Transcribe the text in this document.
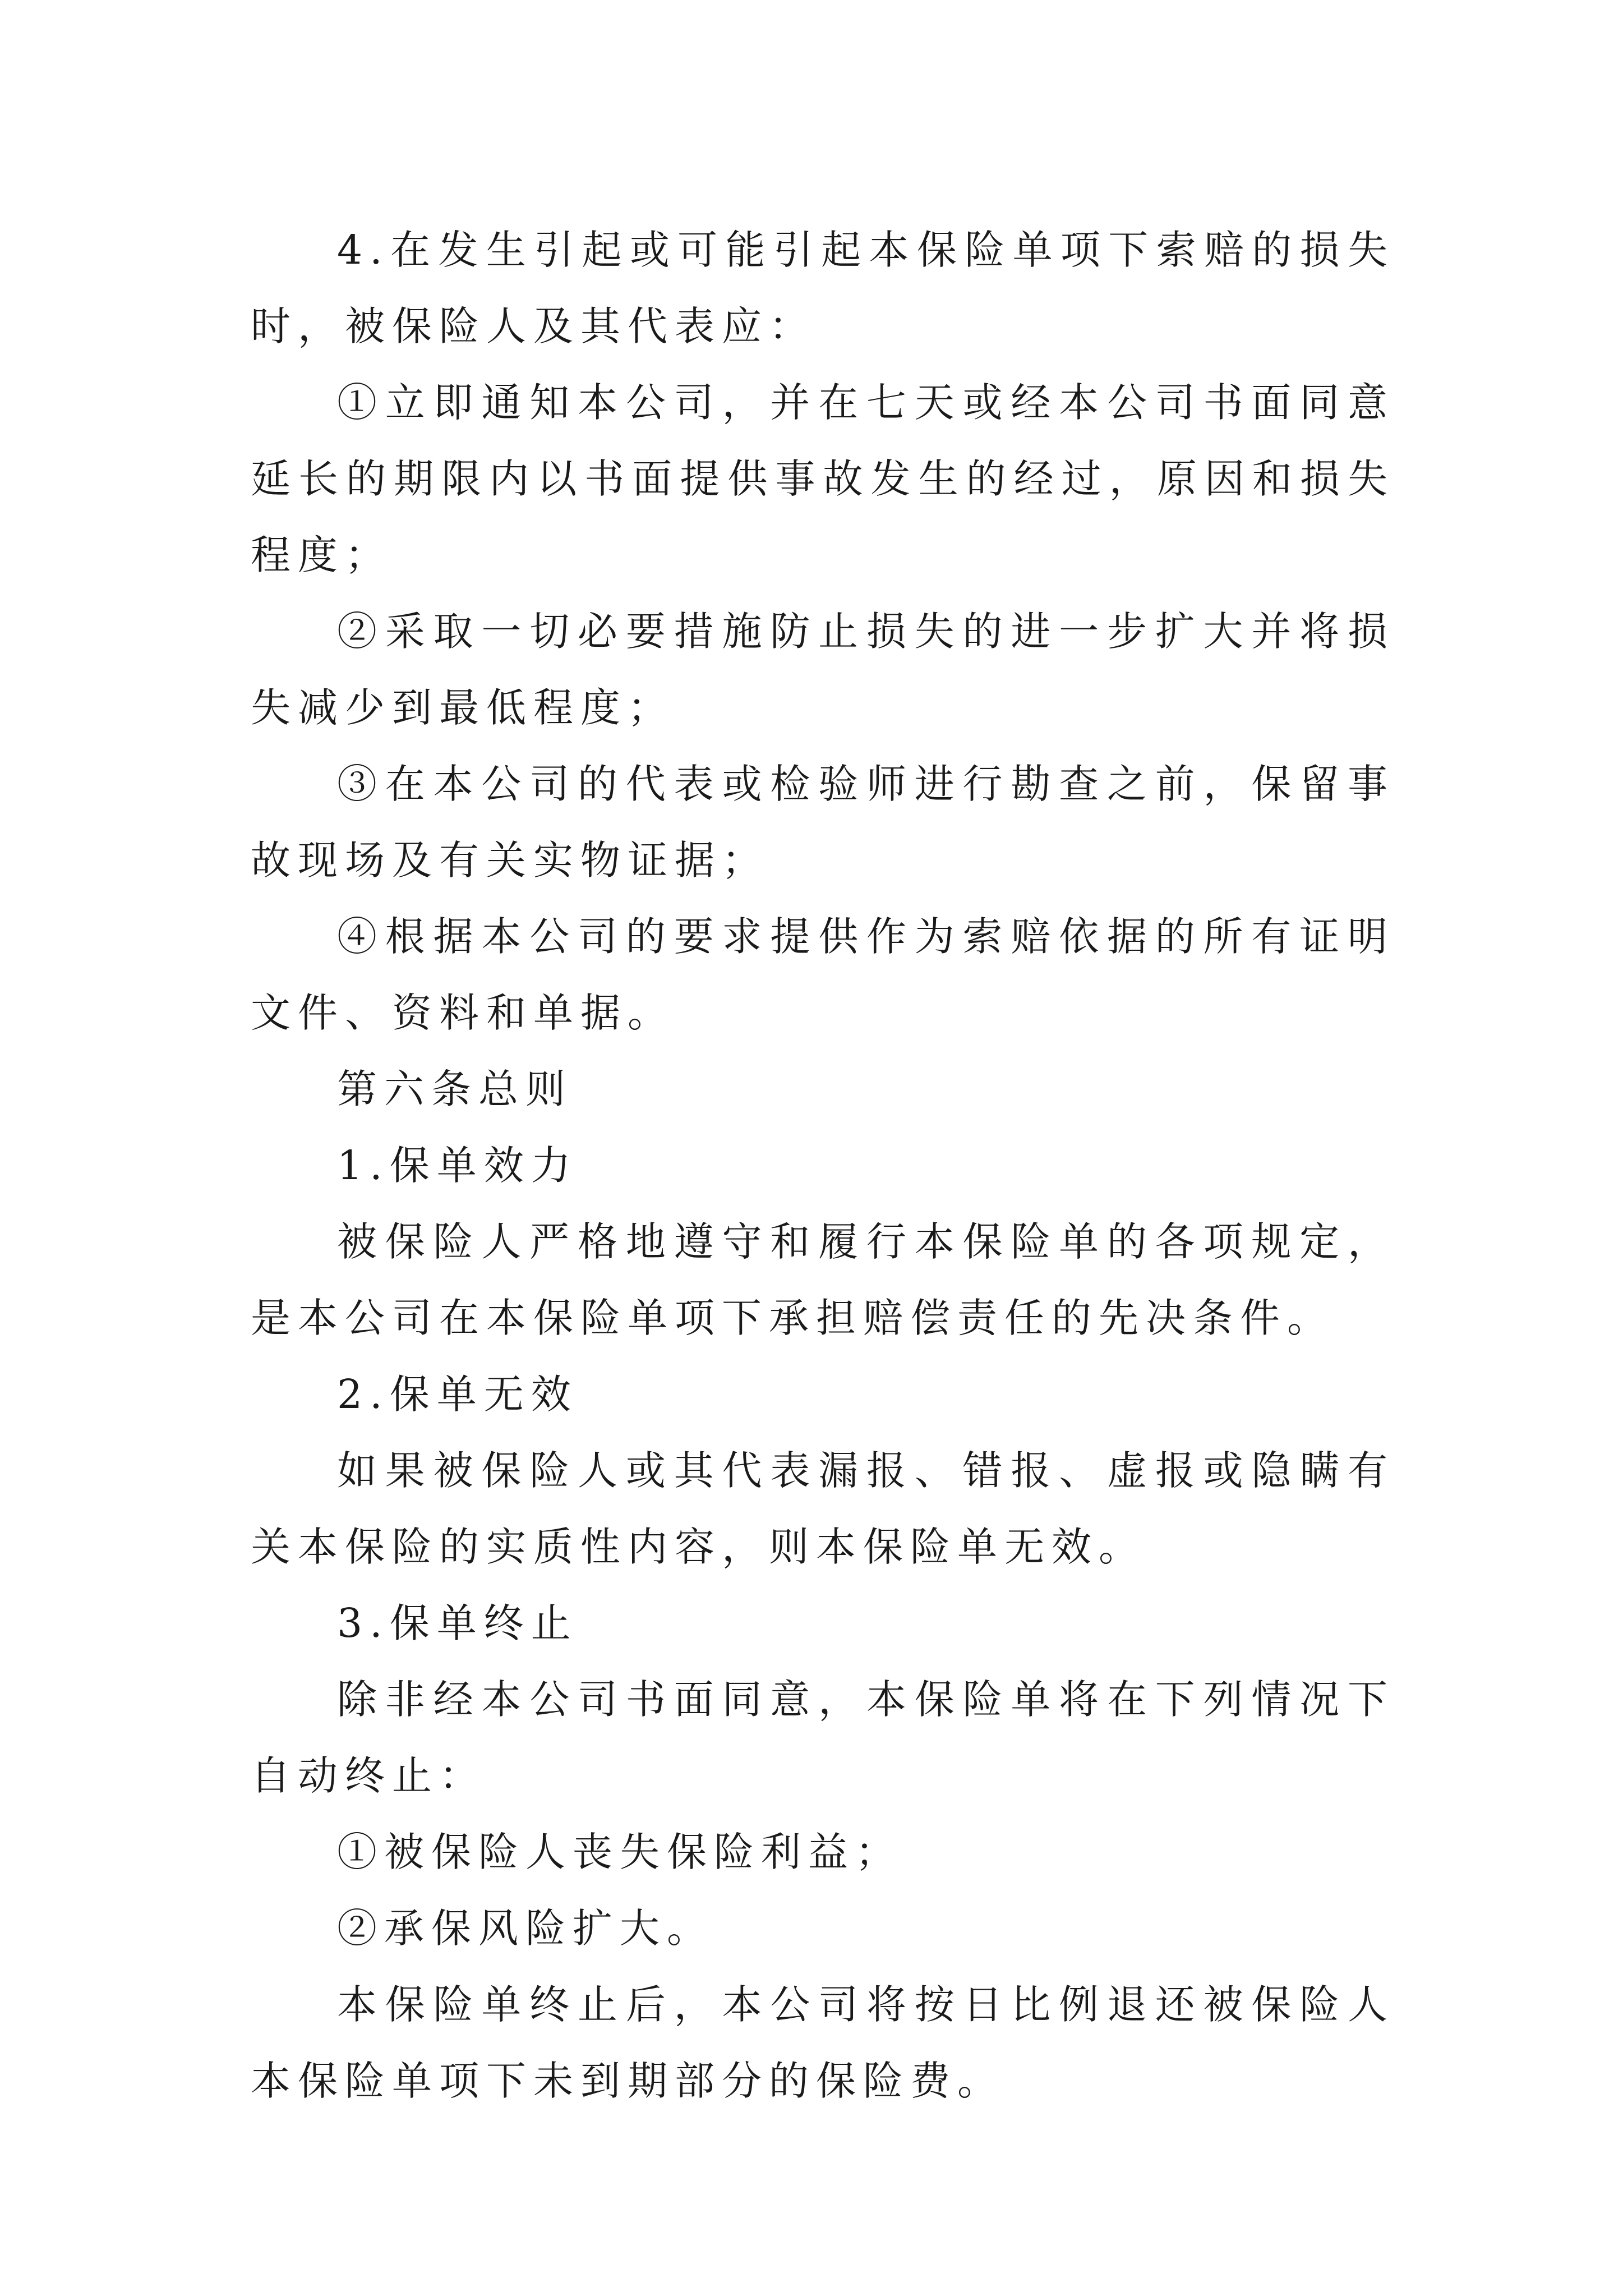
4.在发生引起或可能引起本保险单项下索赔的损失时，被保险人及其代表应：

①立即通知本公司，并在七天或经本公司书面同意延长的期限内以书面提供事故发生的经过，原因和损失程度；

②采取一切必要措施防止损失的进一步扩大并将损失减少到最低程度；

③在本公司的代表或检验师进行勘查之前，保留事故现场及有关实物证据；

④根据本公司的要求提供作为索赔依据的所有证明文件、资料和单据。

第六条总则

1.保单效力

被保险人严格地遵守和履行本保险单的各项规定，是本公司在本保险单项下承担赔偿责任的先决条件。

2.保单无效

如果被保险人或其代表漏报、错报、虚报或隐瞒有关本保险的实质性内容，则本保险单无效。

3.保单终止

除非经本公司书面同意，本保险单将在下列情况下自动终止：

①被保险人丧失保险利益；

②承保风险扩大。

本保险单终止后，本公司将按日比例退还被保险人本保险单项下未到期部分的保险费。
